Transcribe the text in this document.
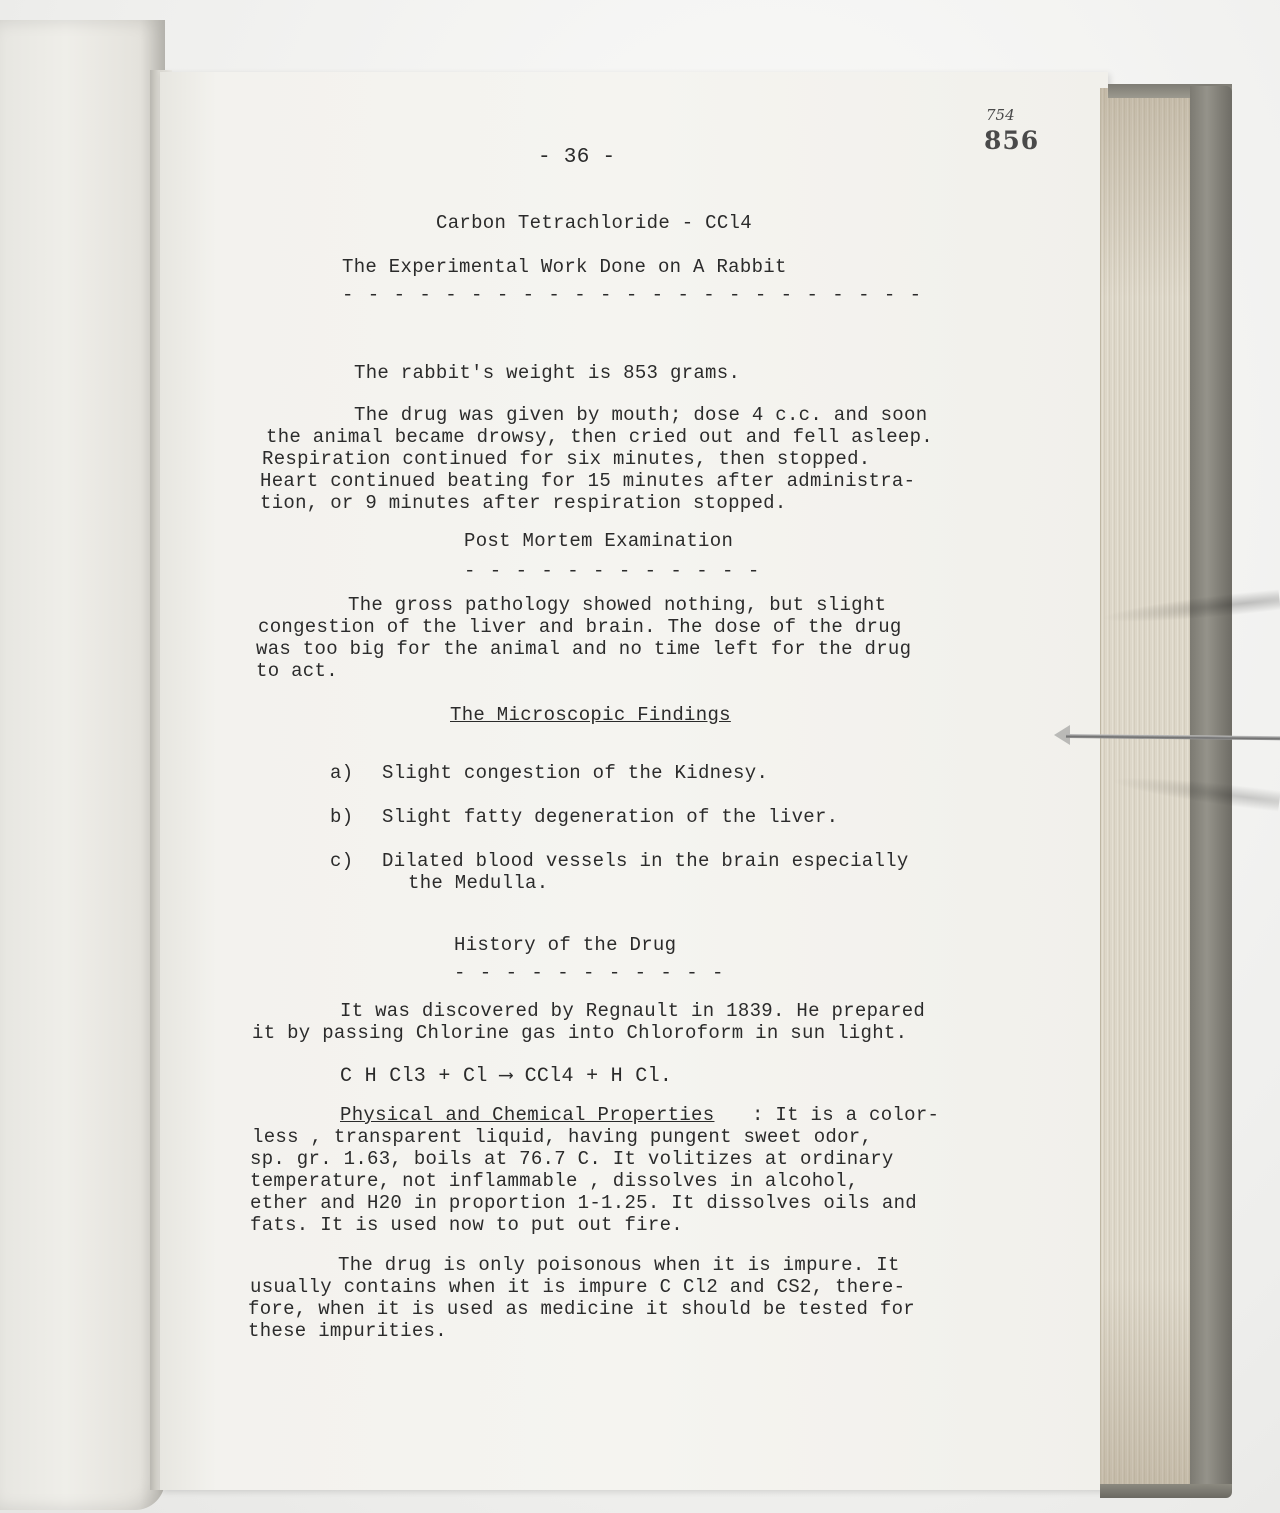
754
856
- 36 -
Carbon Tetrachloride - CCl4
The Experimental Work Done on A Rabbit
- - - - - - - - - - - - - - - - - - - - - - -
The rabbit's weight is 853 grams.
The drug was given by mouth; dose 4 c.c. and soon
the animal became drowsy, then cried out and fell asleep.
Respiration continued for six minutes, then stopped.
Heart continued beating for 15 minutes after administra-
tion, or 9 minutes after respiration stopped.
Post Mortem Examination
- - - - - - - - - - - -
The gross pathology showed nothing, but slight
congestion of the liver and brain. The dose of the drug
was too big for the animal and no time left for the drug
to act.
The Microscopic Findings
a) Slight congestion of the Kidnesy.
b) Slight fatty degeneration of the liver.
c) Dilated blood vessels in the brain especially
the Medulla.
History of the Drug
- - - - - - - - - - -
It was discovered by Regnault in 1839. He prepared
it by passing Chlorine gas into Chloroform in sun light.
C H Cl3 + Cl ⟶ CCl4 + H Cl.
Physical and Chemical Properties : It is a color-
less , transparent liquid, having pungent sweet odor,
sp. gr. 1.63, boils at 76.7 C. It volitizes at ordinary
temperature, not inflammable , dissolves in alcohol,
ether and H20 in proportion 1-1.25. It dissolves oils and
fats. It is used now to put out fire.
The drug is only poisonous when it is impure. It
usually contains when it is impure C Cl2 and CS2, there-
fore, when it is used as medicine it should be tested for
these impurities.
